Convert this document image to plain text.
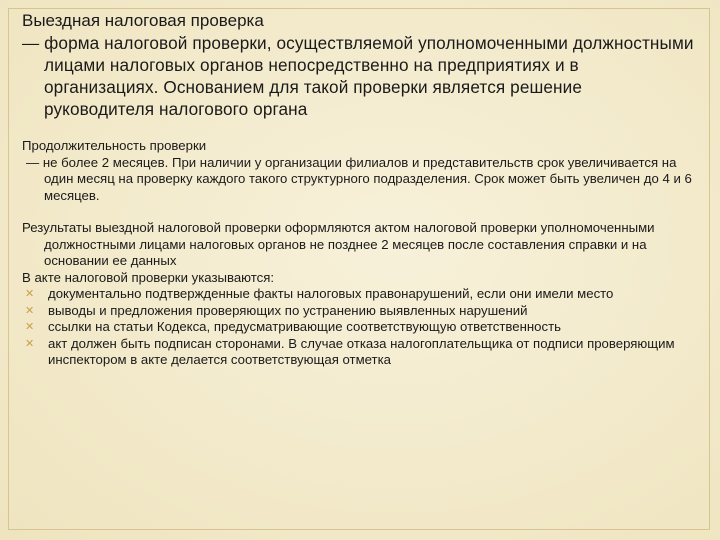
Выездная налоговая проверка
— форма налоговой проверки, осуществляемой уполномоченными должностными лицами налоговых органов непосредственно на предприятиях и в организациях. Основанием для такой проверки является решение руководителя налогового органа
Продолжительность проверки
— не более 2 месяцев. При наличии у организации филиалов и представительств срок увеличивается на один месяц на проверку каждого такого структурного подразделения. Срок может быть увеличен до 4 и 6 месяцев.
Результаты выездной налоговой проверки оформляются актом налоговой проверки уполномоченными должностными лицами налоговых органов не позднее 2 месяцев после составления справки и на основании ее данных
В акте налоговой проверки указываются:
✕ документально подтвержденные факты налоговых правонарушений, если они имели место
✕ выводы и предложения проверяющих по устранению выявленных нарушений
✕ ссылки на статьи Кодекса, предусматривающие соответствующую ответственность
✕ акт должен быть подписан сторонами. В случае отказа налогоплательщика от подписи проверяющим инспектором в акте делается соответствующая отметка
